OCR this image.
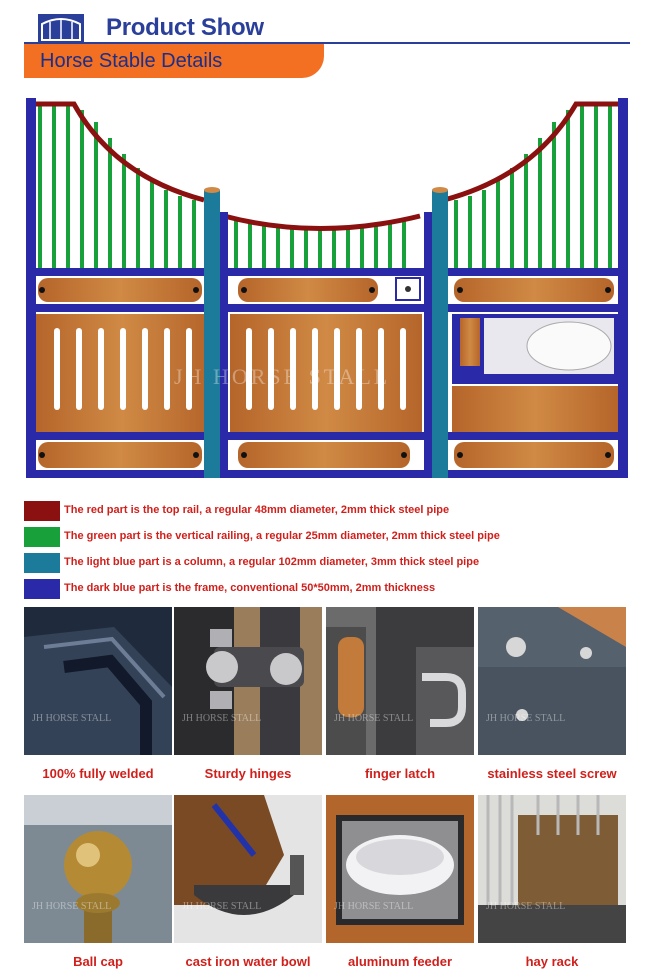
Product Show
Horse Stable Details
JH HORSE STALL
The red part is the top rail, a regular 48mm diameter, 2mm thick steel pipe
The green part is the vertical railing, a regular 25mm diameter, 2mm thick steel pipe
The light blue part is a column, a regular 102mm diameter, 3mm thick steel pipe
The dark blue part is the frame, conventional 50*50mm, 2mm thickness
JH HORSE STALL	JH HORSE STALL	JH HORSE STALL	JH HORSE STALL
100% fully welded	Sturdy hinges	finger latch	stainless steel screw
JH HORSE STALL	JH HORSE STALL	JH HORSE STALL	JH HORSE STALL
Ball cap	cast iron water bowl	aluminum feeder	hay rack
